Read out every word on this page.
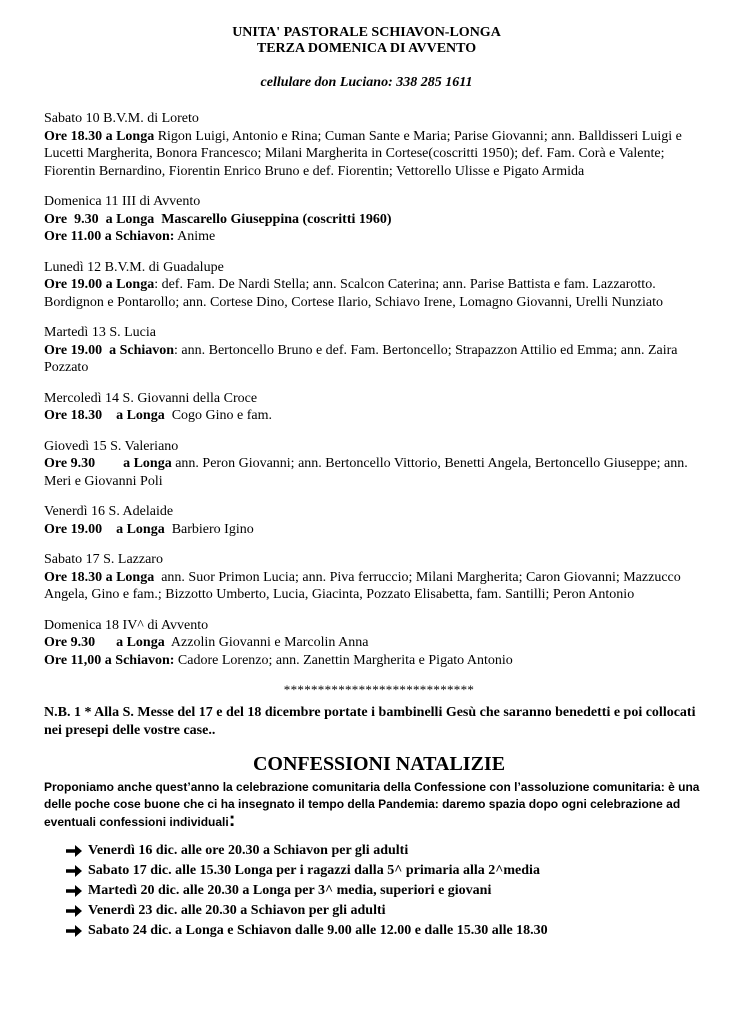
UNITA' PASTORALE SCHIAVON-LONGA
TERZA DOMENICA DI AVVENTO
cellulare don Luciano: 338 285 1611
Sabato 10 B.V.M. di Loreto
Ore 18.30 a Longa Rigon Luigi, Antonio e Rina; Cuman Sante e Maria; Parise Giovanni; ann. Balldisseri Luigi e Lucetti Margherita, Bonora Francesco; Milani Margherita in Cortese(coscritti 1950); def. Fam. Corà e Valente; Fiorentin Bernardino, Fiorentin Enrico Bruno e def. Fiorentin; Vettorello Ulisse e Pigato Armida
Domenica 11 III di Avvento
Ore  9.30  a Longa  Mascarello Giuseppina (coscritti 1960)
Ore 11.00 a Schiavon: Anime
Lunedì 12 B.V.M. di Guadalupe
Ore 19.00 a Longa: def. Fam. De Nardi Stella; ann. Scalcon Caterina; ann. Parise Battista e fam. Lazzarotto. Bordignon e Pontarollo; ann. Cortese Dino, Cortese Ilario, Schiavo Irene, Lomagno Giovanni, Urelli Nunziato
Martedì 13 S. Lucia
Ore 19.00  a Schiavon: ann. Bertoncello Bruno e def. Fam. Bertoncello; Strapazzon Attilio ed Emma; ann. Zaira Pozzato
Mercoledì 14 S. Giovanni della Croce
Ore 18.30    a Longa  Cogo Gino e fam.
Giovedì 15 S. Valeriano
Ore 9.30        a Longa ann. Peron Giovanni; ann. Bertoncello Vittorio, Benetti Angela, Bertoncello Giuseppe; ann. Meri e Giovanni Poli
Venerdì 16 S. Adelaide
Ore 19.00    a Longa  Barbiero Igino
Sabato 17 S. Lazzaro
Ore 18.30 a Longa  ann. Suor Primon Lucia; ann. Piva ferruccio; Milani Margherita; Caron Giovanni; Mazzucco Angela, Gino e fam.; Bizzotto Umberto, Lucia, Giacinta, Pozzato Elisabetta, fam. Santilli; Peron Antonio
Domenica 18 IV^ di Avvento
Ore 9.30      a Longa  Azzolin Giovanni e Marcolin Anna
Ore 11,00 a Schiavon: Cadore Lorenzo; ann. Zanettin Margherita e Pigato Antonio
****************************
N.B. 1 * Alla S. Messe del 17 e del 18 dicembre portate i bambinelli Gesù che saranno benedetti e poi collocati nei presepi delle vostre case..
CONFESSIONI NATALIZIE
Proponiamo anche quest’anno la celebrazione comunitaria della Confessione con l’assoluzione comunitaria: è una delle poche cose buone che ci ha insegnato il tempo della Pandemia: daremo spazia dopo ogni celebrazione ad eventuali confessioni individuali:
Venerdì 16 dic. alle ore 20.30 a Schiavon per gli adulti
Sabato 17 dic. alle 15.30 Longa per i ragazzi dalla 5^ primaria alla 2^media
Martedì 20 dic. alle 20.30 a Longa per 3^ media, superiori e giovani
Venerdì 23 dic. alle 20.30 a Schiavon per gli adulti
Sabato 24 dic. a Longa e Schiavon dalle 9.00 alle 12.00 e dalle 15.30 alle 18.30
